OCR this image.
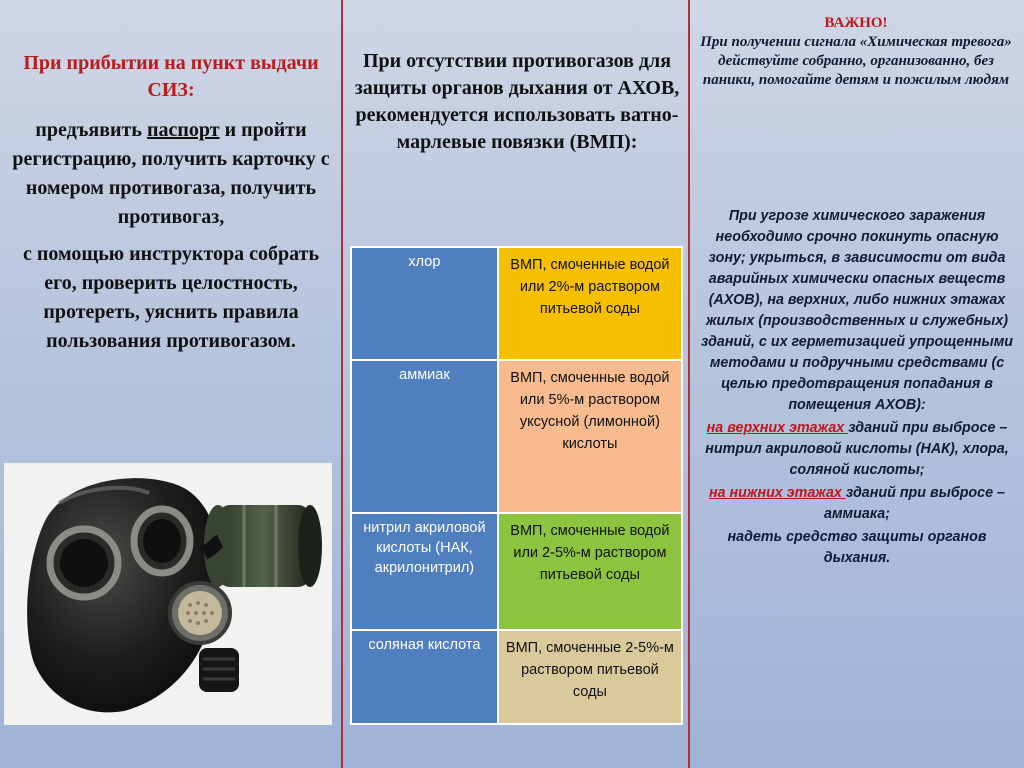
При прибытии на пункт выдачи СИЗ:

предъявить паспорт и пройти регистрацию, получить карточку с номером противогаза, получить противогаз,

с помощью инструктора собрать его, проверить целостность, протереть, уяснить правила пользования противогазом.

При отсутствии противогазов для защиты органов дыхания от АХОВ, рекомендуется использовать ватно-марлевые повязки (ВМП):
хлор	ВМП, смоченные водой или 2%-м раствором питьевой соды
аммиак	ВМП, смоченные водой или 5%-м раствором уксусной (лимонной) кислоты
нитрил акриловой кислоты (НАК, акрилонитрил)	ВМП, смоченные водой или 2-5%-м раствором питьевой соды
соляная кислота	ВМП, смоченные 2-5%-м раствором питьевой соды
ВАЖНО!
При получении сигнала «Химическая тревога» действуйте собранно, организованно, без паники, помогайте детям и пожилым людям

При угрозе химического заражения необходимо срочно покинуть опасную зону; укрыться, в зависимости от вида аварийных химически опасных веществ (АХОВ), на верхних, либо нижних этажах жилых (производственных и служебных) зданий, с их герметизацией упрощенными методами и подручными средствами (с целью предотвращения попадания в помещения АХОВ):

на верхних этажах зданий при выбросе – нитрил акриловой кислоты (НАК), хлора, соляной кислоты;

на нижних этажах зданий при выбросе – аммиака;

надеть средство защиты органов дыхания.
